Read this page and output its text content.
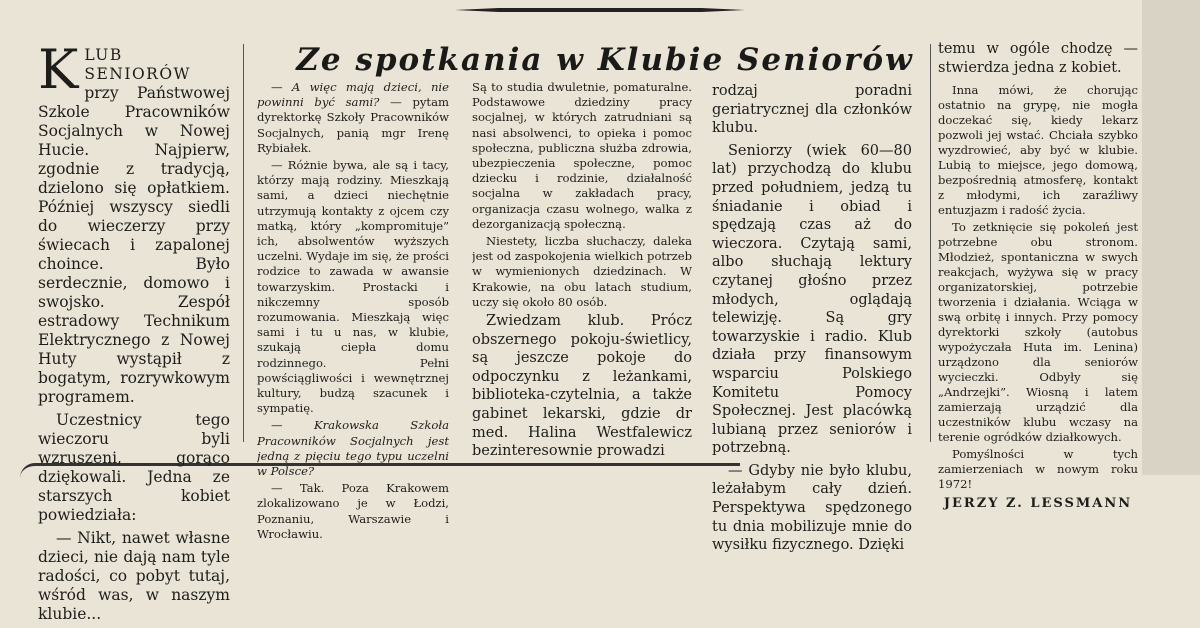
K LUB SENIORÓW przy Państwowej Szkole Pracowników Socjalnych w Nowej Hucie. Najpierw, zgodnie z tradycją, dzielono się opłatkiem. Później wszyscy siedli do wieczerzy przy świecach i zapalonej choince. Było serdecznie, domowo i swojsko. Zespół estradowy Technikum Elektrycznego z Nowej Huty wystąpił z bogatym, rozrywkowym programem.

Uczestnicy tego wieczoru byli wzruszeni, gorąco dziękowali. Jedna ze starszych kobiet powiedziała:

— Nikt, nawet własne dzieci, nie dają nam tyle radości, co pobyt tutaj, wśród was, w naszym klubie...

Ze spotkania w Klubie Seniorów

— A więc mają dzieci, nie powinni być sami? — pytam dyrektorkę Szkoły Pracowników Socjalnych, panią mgr Irenę Rybiałek.

— Różnie bywa, ale są i tacy, którzy mają rodziny. Mieszkają sami, a dzieci niechętnie utrzymują kontakty z ojcem czy matką, który „kompromituje” ich, absolwentów wyższych uczelni. Wydaje im się, że prości rodzice to zawada w awansie towarzyskim. Prostacki i nikczemny sposób rozumowania. Mieszkają więc sami i tu u nas, w klubie, szukają ciepła domu rodzinnego. Pełni powściągliwości i wewnętrznej kultury, budzą szacunek i sympatię.

— Krakowska Szkoła Pracowników Socjalnych jest jedną z pięciu tego typu uczelni w Polsce?

— Tak. Poza Krakowem zlokalizowano je w Łodzi, Poznaniu, Warszawie i Wrocławiu.

Są to studia dwuletnie, pomaturalne. Podstawowe dziedziny pracy socjalnej, w których zatrudniani są nasi absolwenci, to opieka i pomoc społeczna, publiczna służba zdrowia, ubezpieczenia społeczne, pomoc dziecku i rodzinie, działalność socjalna w zakładach pracy, organizacja czasu wolnego, walka z dezorganizacją społeczną.

Niestety, liczba słuchaczy, daleka jest od zaspokojenia wielkich potrzeb w wymienionych dziedzinach. W Krakowie, na obu latach studium, uczy się około 80 osób.

Zwiedzam klub. Prócz obszernego pokoju-świetlicy, są jeszcze pokoje do odpoczynku z leżankami, biblioteka-czytelnia, a także gabinet lekarski, gdzie dr med. Halina Westfalewicz bezinteresownie prowadzi

rodzaj poradni geriatrycznej dla członków klubu.

Seniorzy (wiek 60—80 lat) przychodzą do klubu przed południem, jedzą tu śniadanie i obiad i spędzają czas aż do wieczora. Czytają sami, albo słuchają lektury czytanej głośno przez młodych, oglądają telewizję. Są gry towarzyskie i radio. Klub działa przy finansowym wsparciu Polskiego Komitetu Pomocy Społecznej. Jest placówką lubianą przez seniorów i potrzebną.

— Gdyby nie było klubu, leżałabym cały dzień. Perspektywa spędzonego tu dnia mobilizuje mnie do wysiłku fizycznego. Dzięki

temu w ogóle chodzę — stwierdza jedna z kobiet.

Inna mówi, że chorując ostatnio na grypę, nie mogła doczekać się, kiedy lekarz pozwoli jej wstać. Chciała szybko wyzdrowieć, aby być w klubie. Lubią to miejsce, jego domową, bezpośrednią atmosferę, kontakt z młodymi, ich zaraźliwy entuzjazm i radość życia.

To zetknięcie się pokoleń jest potrzebne obu stronom. Młodzież, spontaniczna w swych reakcjach, wyżywa się w pracy organizatorskiej, potrzebie tworzenia i działania. Wciąga w swą orbitę i innych. Przy pomocy dyrektorki szkoły (autobus wypożyczała Huta im. Lenina) urządzono dla seniorów wycieczki. Odbyły się „Andrzejki”. Wiosną i latem zamierzają urządzić dla uczestników klubu wczasy na terenie ogródków działkowych.

Pomyślności w tych zamierzeniach w nowym roku 1972!

JERZY Z. LESSMANN
